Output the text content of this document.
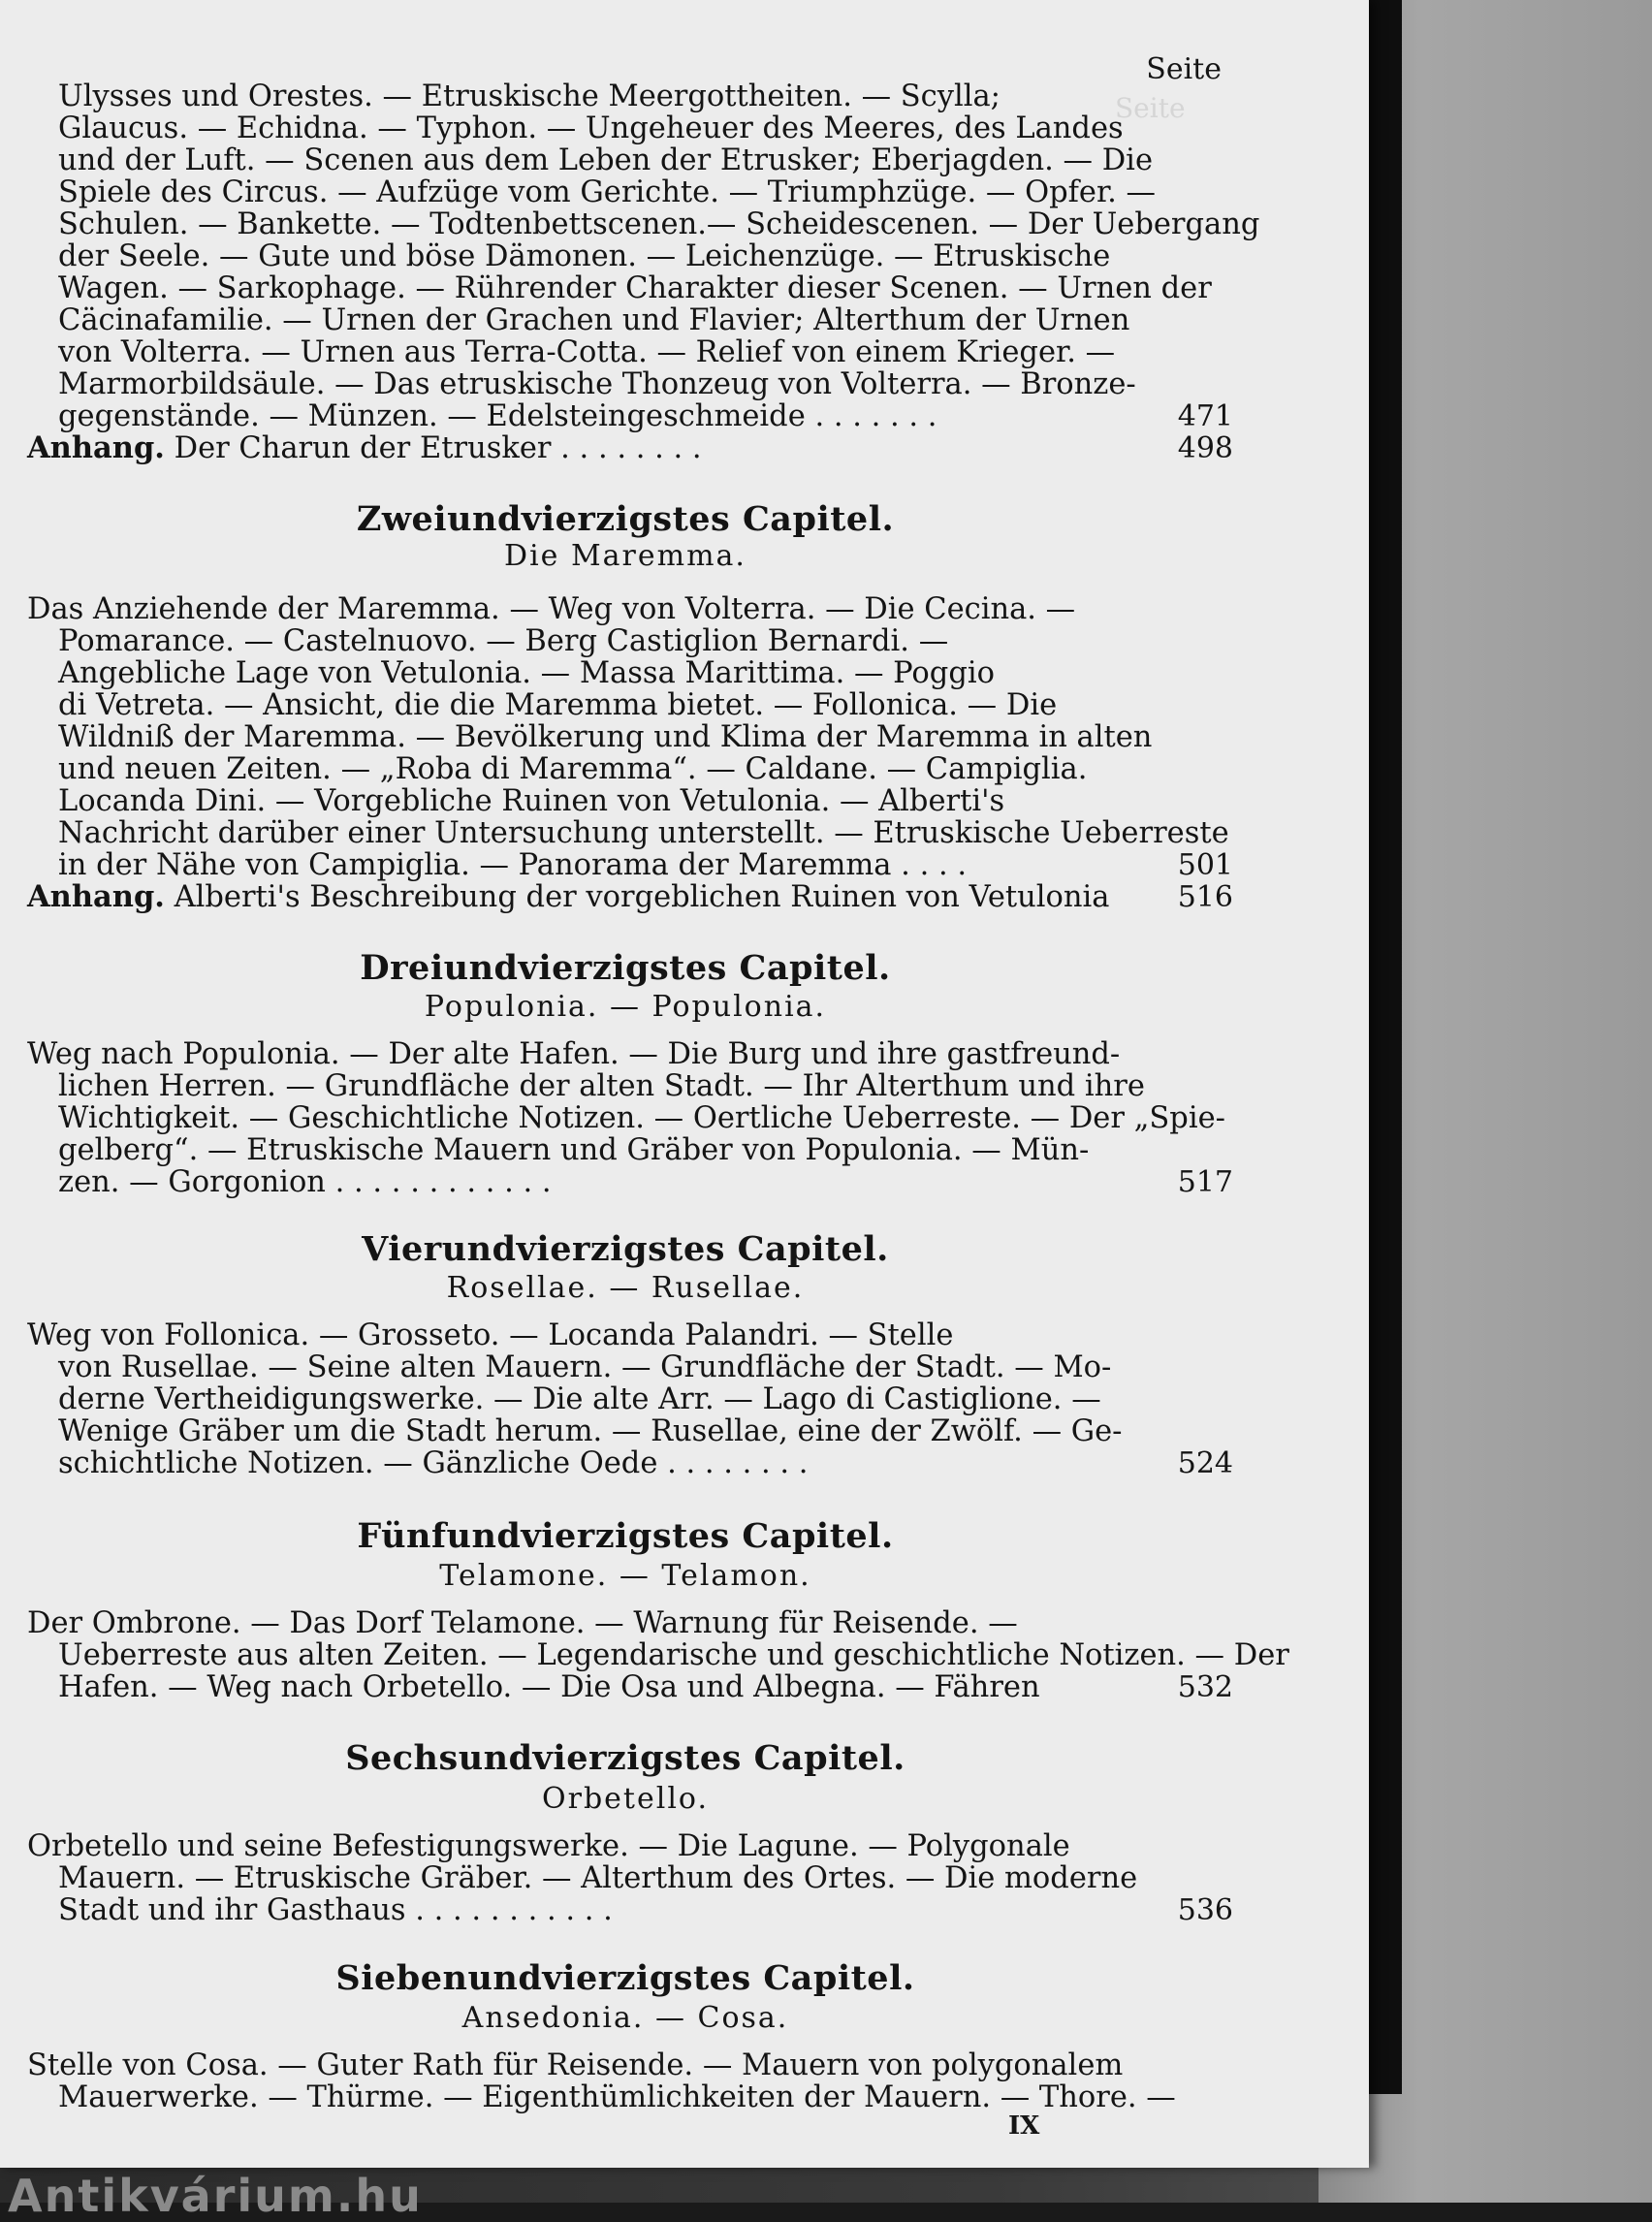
Seite
Seite
Ulysses und Orestes. — Etruskische Meergottheiten. — Scylla;
Glaucus. — Echidna. — Typhon. — Ungeheuer des Meeres, des Landes
und der Luft. — Scenen aus dem Leben der Etrusker; Eberjagden. — Die
Spiele des Circus. — Aufzüge vom Gerichte. — Triumphzüge. — Opfer. —
Schulen. — Bankette. — Todtenbettscenen.— Scheidescenen. — Der Uebergang
der Seele. — Gute und böse Dämonen. — Leichenzüge. — Etruskische
Wagen. — Sarkophage. — Rührender Charakter dieser Scenen. — Urnen der
Cäcinafamilie. — Urnen der Grachen und Flavier; Alterthum der Urnen
von Volterra. — Urnen aus Terra-Cotta. — Relief von einem Krieger. —
Marmorbildsäule. — Das etruskische Thonzeug von Volterra. — Bronze-
gegenstände. — Münzen. — Edelsteingeschmeide . . . . . . .	471
Anhang. Der Charun der Etrusker . . . . . . . .	498
Zweiundvierzigstes Capitel.
Die Maremma.
Das Anziehende der Maremma. — Weg von Volterra. — Die Cecina. —
Pomarance. — Castelnuovo. — Berg Castiglion Bernardi. —
Angebliche Lage von Vetulonia. — Massa Marittima. — Poggio
di Vetreta. — Ansicht, die die Maremma bietet. — Follonica. — Die
Wildniß der Maremma. — Bevölkerung und Klima der Maremma in alten
und neuen Zeiten. — „Roba di Maremma“. — Caldane. — Campiglia.
Locanda Dini. — Vorgebliche Ruinen von Vetulonia. — Alberti's
Nachricht darüber einer Untersuchung unterstellt. — Etruskische Ueberreste
in der Nähe von Campiglia. — Panorama der Maremma . . . .	501
Anhang. Alberti's Beschreibung der vorgeblichen Ruinen von Vetulonia 516
Dreiundvierzigstes Capitel.
Populonia. — Populonia.
Weg nach Populonia. — Der alte Hafen. — Die Burg und ihre gastfreund-
lichen Herren. — Grundfläche der alten Stadt. — Ihr Alterthum und ihre
Wichtigkeit. — Geschichtliche Notizen. — Oertliche Ueberreste. — Der „Spie-
gelberg“. — Etruskische Mauern und Gräber von Populonia. — Mün-
zen. — Gorgonion . . . . . . . . . . . .	517
Vierundvierzigstes Capitel.
Rosellae. — Rusellae.
Weg von Follonica. — Grosseto. — Locanda Palandri. — Stelle
von Rusellae. — Seine alten Mauern. — Grundfläche der Stadt. — Mo-
derne Vertheidigungswerke. — Die alte Arr. — Lago di Castiglione. —
Wenige Gräber um die Stadt herum. — Rusellae, eine der Zwölf. — Ge-
schichtliche Notizen. — Gänzliche Oede . . . . . . . .	524
Fünfundvierzigstes Capitel.
Telamone. — Telamon.
Der Ombrone. — Das Dorf Telamone. — Warnung für Reisende. —
Ueberreste aus alten Zeiten. — Legendarische und geschichtliche Notizen. — Der
Hafen. — Weg nach Orbetello. — Die Osa und Albegna. — Fähren	532
Sechsundvierzigstes Capitel.
Orbetello.
Orbetello und seine Befestigungswerke. — Die Lagune. — Polygonale
Mauern. — Etruskische Gräber. — Alterthum des Ortes. — Die moderne
Stadt und ihr Gasthaus . . . . . . . . . . .	536
Siebenundvierzigstes Capitel.
Ansedonia. — Cosa.
Stelle von Cosa. — Guter Rath für Reisende. — Mauern von polygonalem
Mauerwerke. — Thürme. — Eigenthümlichkeiten der Mauern. — Thore. —
IX
Antikvárium.hu
